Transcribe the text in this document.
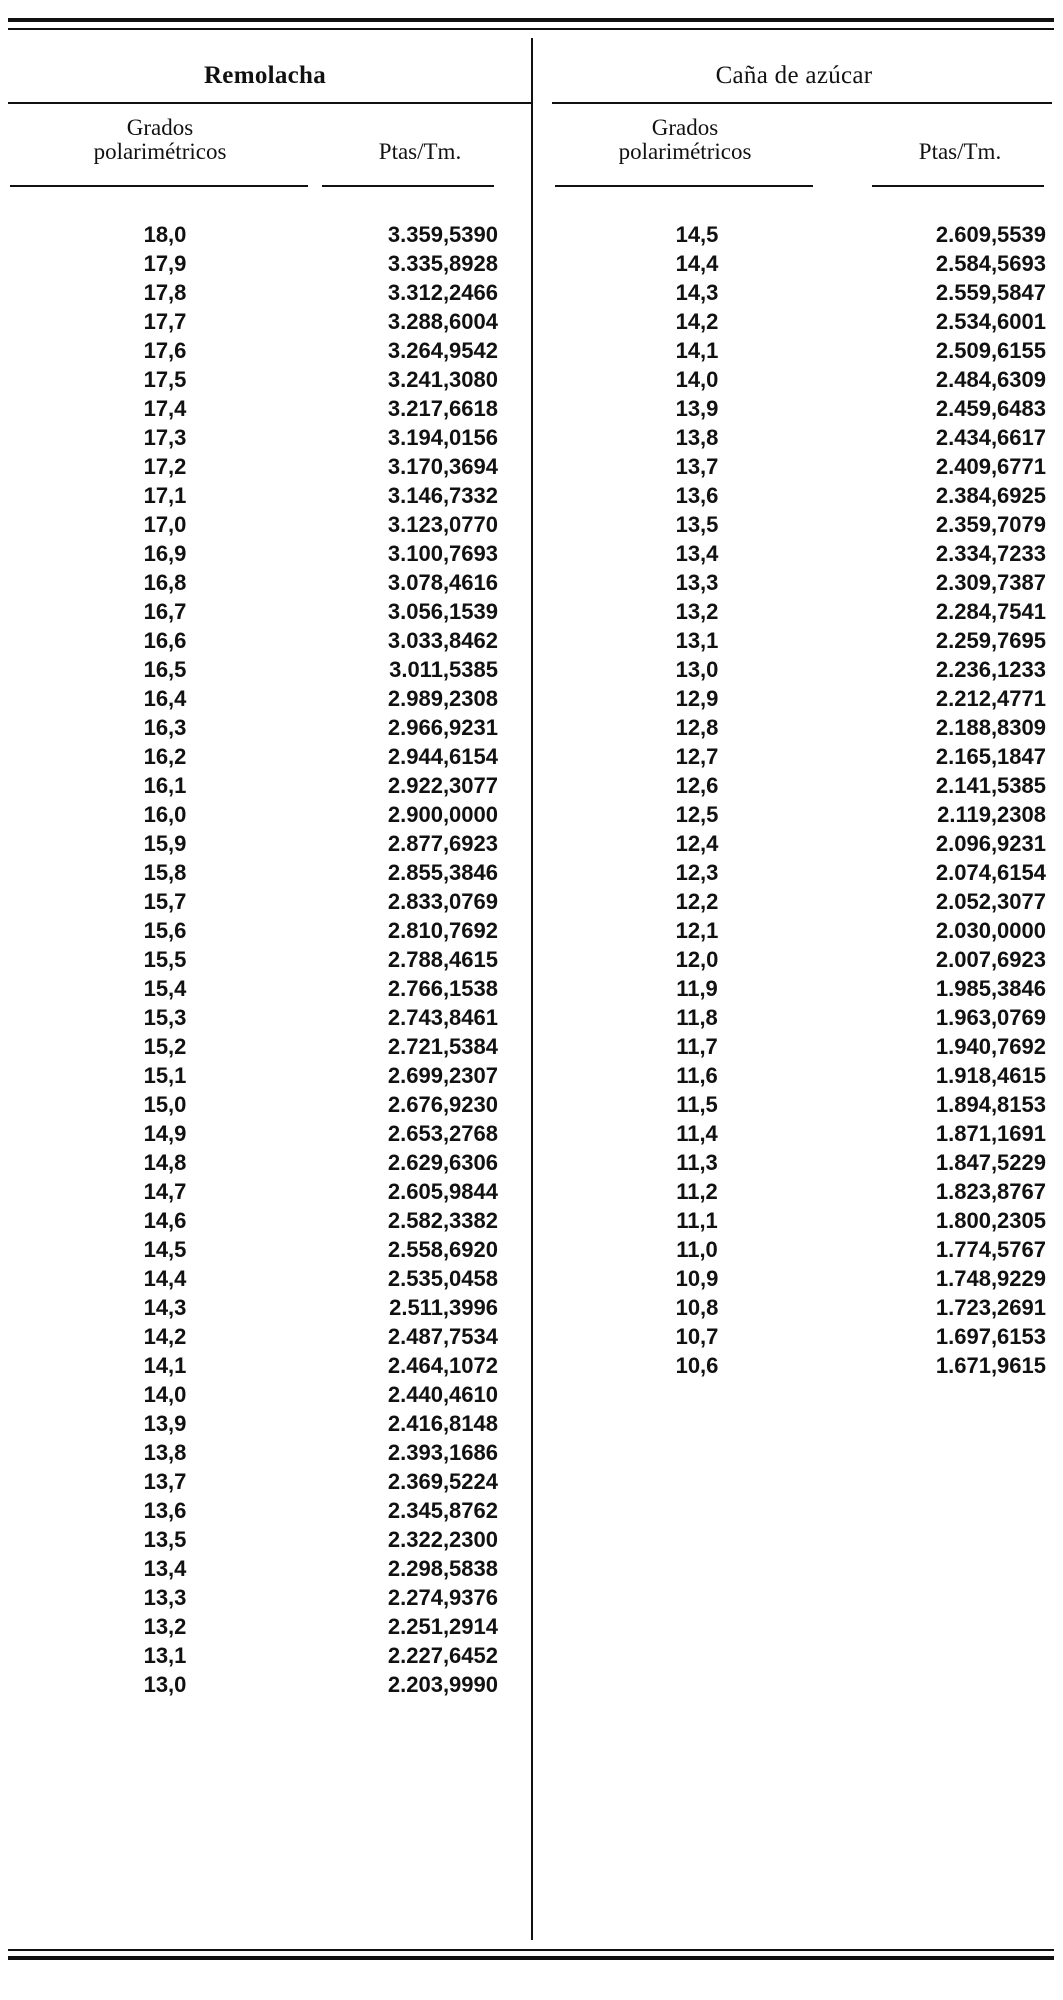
Remolacha	Caña de azúcar
Grados
polarimétricos	Ptas/Tm.
Grados
polarimétricos	Ptas/Tm.
18,0	3.359,5390
17,9	3.335,8928
17,8	3.312,2466
17,7	3.288,6004
17,6	3.264,9542
17,5	3.241,3080
17,4	3.217,6618
17,3	3.194,0156
17,2	3.170,3694
17,1	3.146,7332
17,0	3.123,0770
16,9	3.100,7693
16,8	3.078,4616
16,7	3.056,1539
16,6	3.033,8462
16,5	3.011,5385
16,4	2.989,2308
16,3	2.966,9231
16,2	2.944,6154
16,1	2.922,3077
16,0	2.900,0000
15,9	2.877,6923
15,8	2.855,3846
15,7	2.833,0769
15,6	2.810,7692
15,5	2.788,4615
15,4	2.766,1538
15,3	2.743,8461
15,2	2.721,5384
15,1	2.699,2307
15,0	2.676,9230
14,9	2.653,2768
14,8	2.629,6306
14,7	2.605,9844
14,6	2.582,3382
14,5	2.558,6920
14,4	2.535,0458
14,3	2.511,3996
14,2	2.487,7534
14,1	2.464,1072
14,0	2.440,4610
13,9	2.416,8148
13,8	2.393,1686
13,7	2.369,5224
13,6	2.345,8762
13,5	2.322,2300
13,4	2.298,5838
13,3	2.274,9376
13,2	2.251,2914
13,1	2.227,6452
13,0	2.203,9990
14,5	2.609,5539
14,4	2.584,5693
14,3	2.559,5847
14,2	2.534,6001
14,1	2.509,6155
14,0	2.484,6309
13,9	2.459,6483
13,8	2.434,6617
13,7	2.409,6771
13,6	2.384,6925
13,5	2.359,7079
13,4	2.334,7233
13,3	2.309,7387
13,2	2.284,7541
13,1	2.259,7695
13,0	2.236,1233
12,9	2.212,4771
12,8	2.188,8309
12,7	2.165,1847
12,6	2.141,5385
12,5	2.119,2308
12,4	2.096,9231
12,3	2.074,6154
12,2	2.052,3077
12,1	2.030,0000
12,0	2.007,6923
11,9	1.985,3846
11,8	1.963,0769
11,7	1.940,7692
11,6	1.918,4615
11,5	1.894,8153
11,4	1.871,1691
11,3	1.847,5229
11,2	1.823,8767
11,1	1.800,2305
11,0	1.774,5767
10,9	1.748,9229
10,8	1.723,2691
10,7	1.697,6153
10,6	1.671,9615
